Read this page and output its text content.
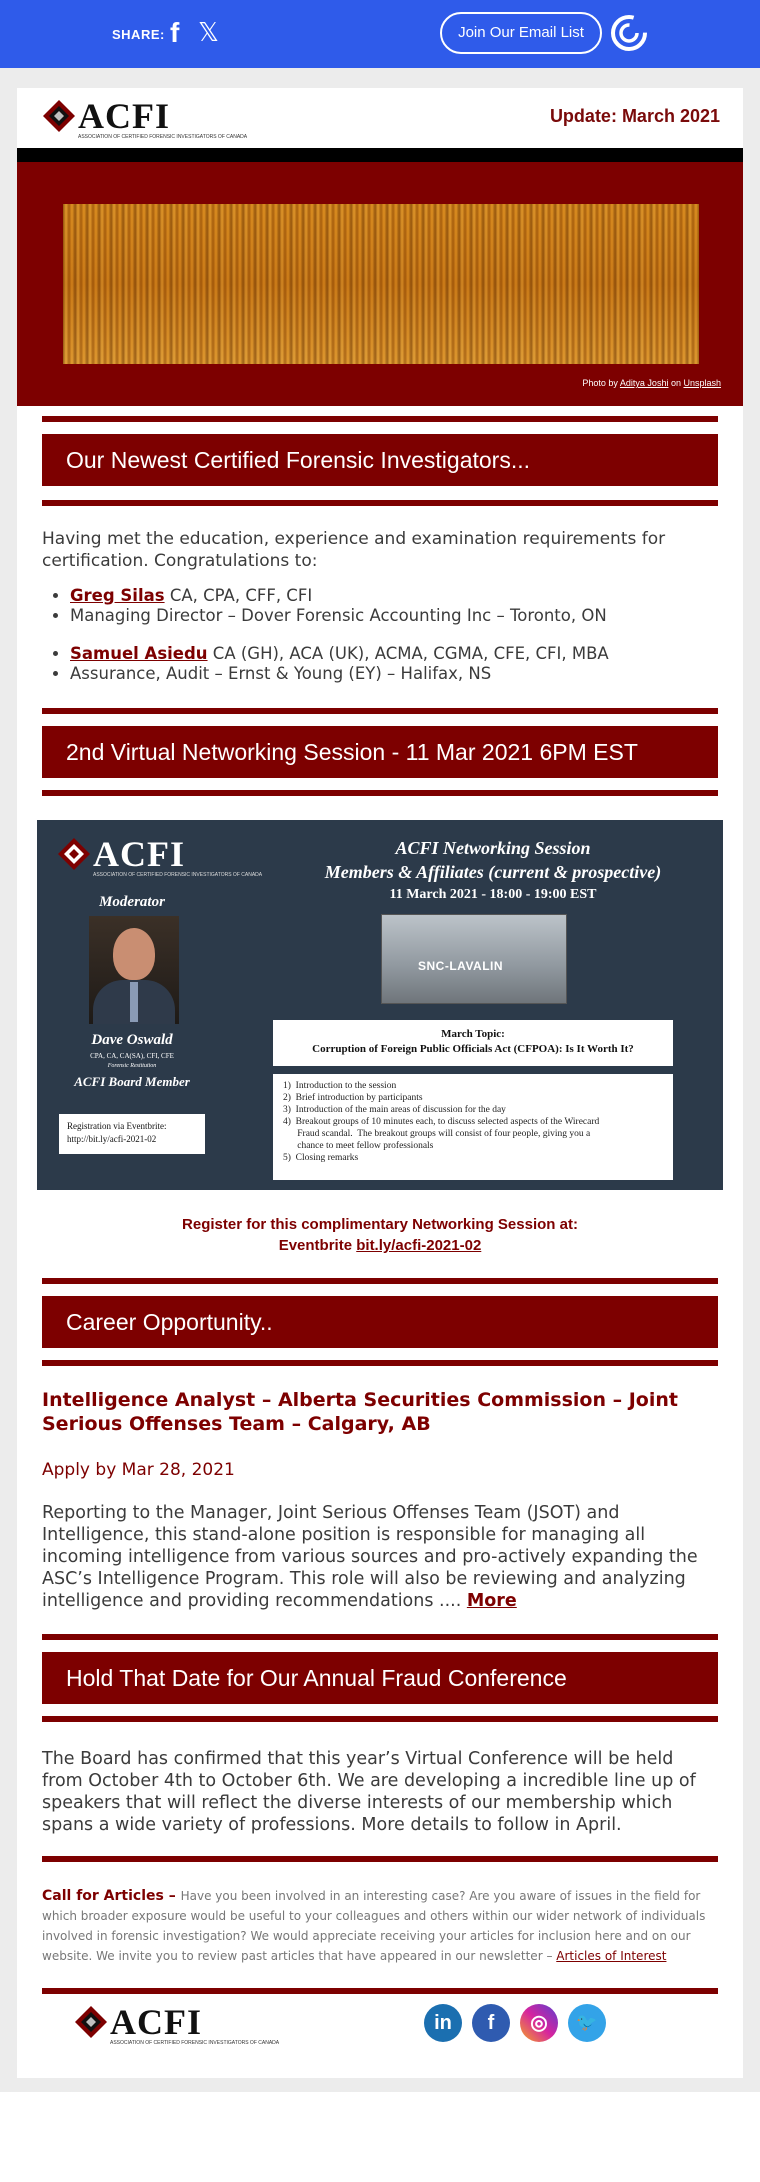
SHARE: f 𝕏	Join Our Email List
ACFI
ASSOCIATION OF CERTIFIED FORENSIC INVESTIGATORS OF CANADA
Update: March 2021
Photo by Aditya Joshi on Unsplash
Our Newest Certified Forensic Investigators...
Having met the education, experience and examination requirements for certification. Congratulations to:
• Greg Silas CA, CPA, CFF, CFI
• Managing Director – Dover Forensic Accounting Inc – Toronto, ON
• Samuel Asiedu CA (GH), ACA (UK), ACMA, CGMA, CFE, CFI, MBA
• Assurance, Audit – Ernst & Young (EY) – Halifax, NS
2nd Virtual Networking Session - 11 Mar 2021 6PM EST
ACFI
ASSOCIATION OF CERTIFIED FORENSIC INVESTIGATORS OF CANADA
ACFI Networking Session
Members & Affiliates (current & prospective)
11 March 2021 - 18:00 - 19:00 EST
SNC-LAVALIN
Moderator
Dave Oswald
CPA, CA, CA(SA), CFI, CFE
Forensic Restitution
ACFI Board Member
Registration via Eventbrite:
http://bit.ly/acfi-2021-02
March Topic:
Corruption of Foreign Public Officials Act (CFPOA): Is It Worth It?
1)  Introduction to the session
2)  Brief introduction by participants
3)  Introduction of the main areas of discussion for the day
4)  Breakout groups of 10 minutes each, to discuss selected aspects of the Wirecard
Fraud scandal.  The breakout groups will consist of four people, giving you a
chance to meet fellow professionals
5)  Closing remarks
Register for this complimentary Networking Session at:
Eventbrite bit.ly/acfi-2021-02
Career Opportunity..
Intelligence Analyst – Alberta Securities Commission – Joint Serious Offenses Team – Calgary, AB
Apply by Mar 28, 2021
Reporting to the Manager, Joint Serious Offenses Team (JSOT) and Intelligence, this stand-alone position is responsible for managing all incoming intelligence from various sources and pro-actively expanding the ASC’s Intelligence Program. This role will also be reviewing and analyzing intelligence and providing recommendations .... More
Hold That Date for Our Annual Fraud Conference
The Board has confirmed that this year’s Virtual Conference will be held from October 4th to October 6th. We are developing a incredible line up of speakers that will reflect the diverse interests of our membership which spans a wide variety of professions. More details to follow in April.
Call for Articles – Have you been involved in an interesting case? Are you aware of issues in the field for which broader exposure would be useful to your colleagues and others within our wider network of individuals involved in forensic investigation? We would appreciate receiving your articles for inclusion here and on our website. We invite you to review past articles that have appeared in our newsletter – Articles of Interest
ACFI
ASSOCIATION OF CERTIFIED FORENSIC INVESTIGATORS OF CANADA
in	f	◎	🐦
